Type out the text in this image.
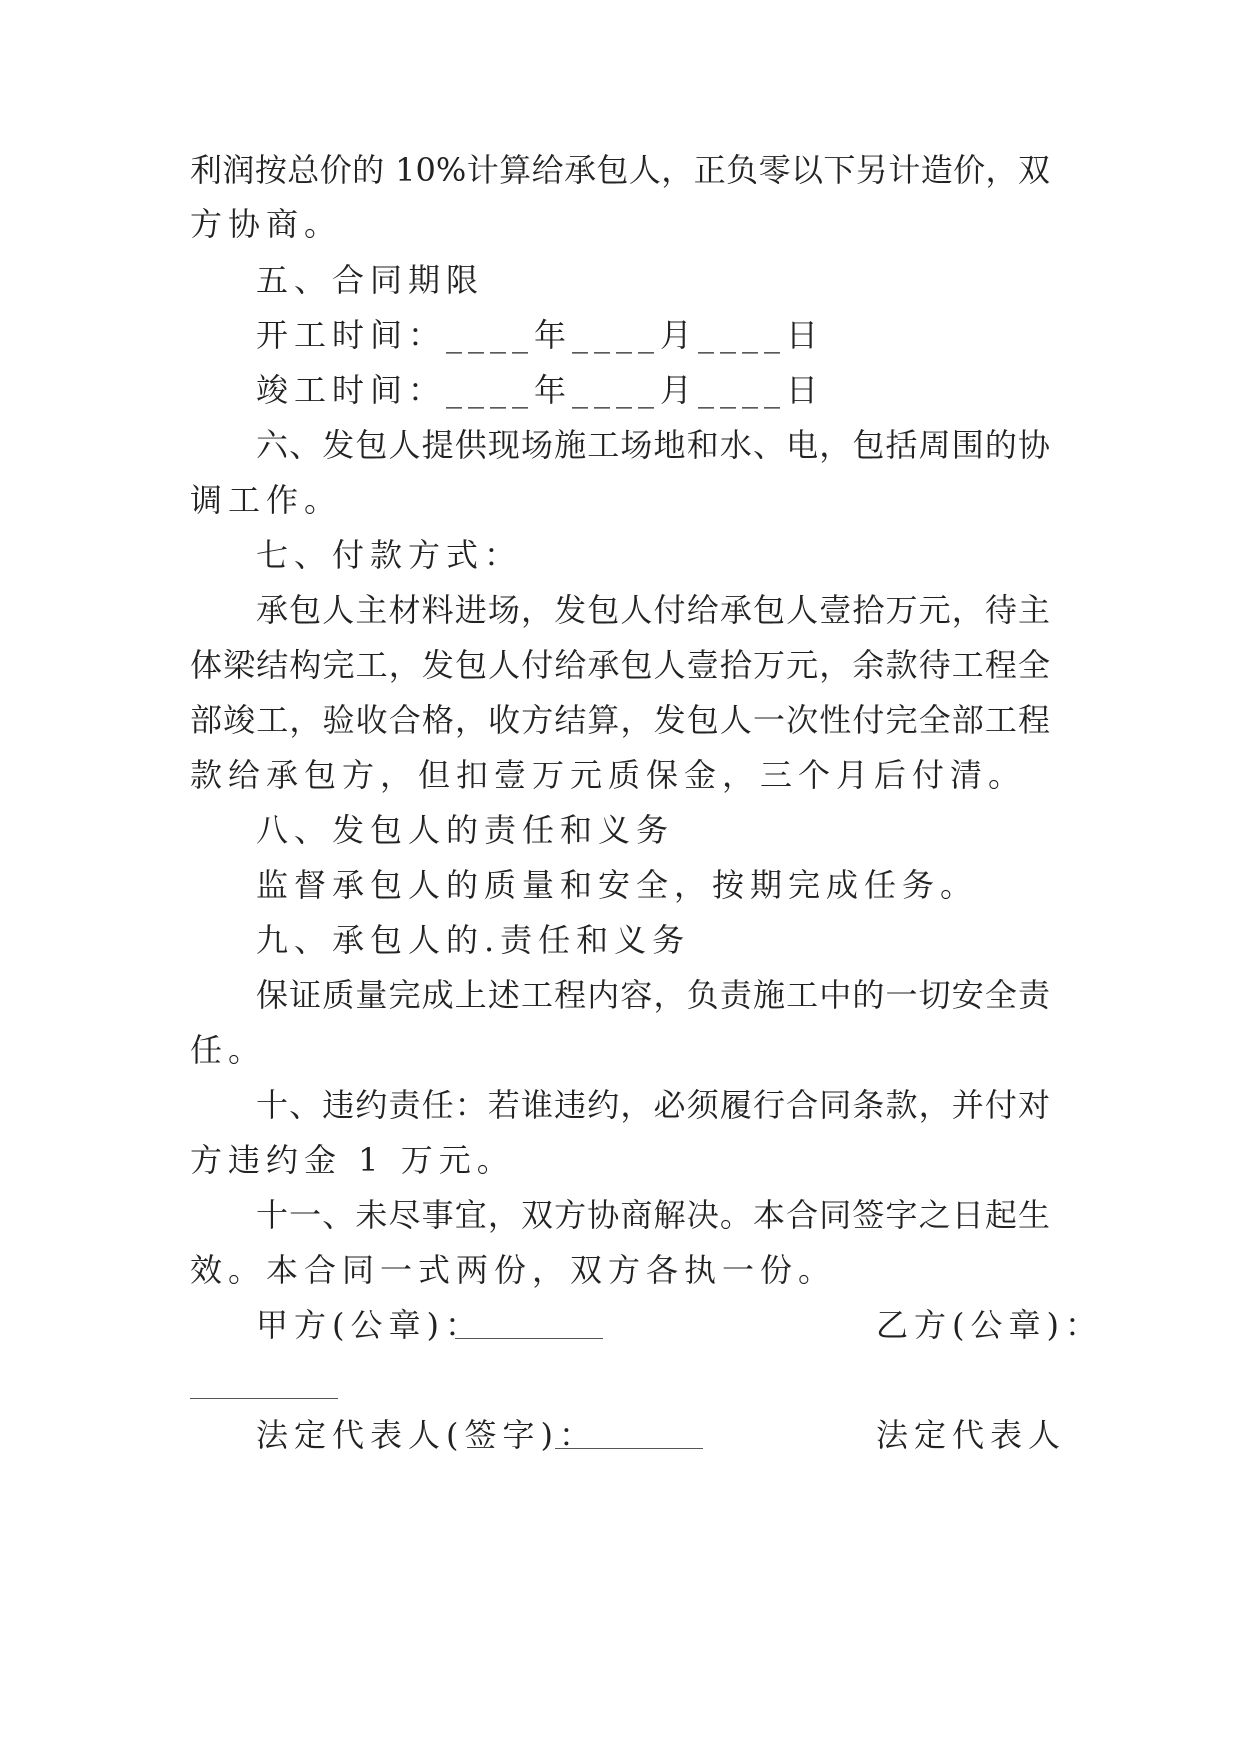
利润按总价的 10%计算给承包人，正负零以下另计造价，双
方协商。
五、合同期限
开工时间：____年____月____日
竣工时间：____年____月____日
六、发包人提供现场施工场地和水、电，包括周围的协
调工作。
七、付款方式：
承包人主材料进场，发包人付给承包人壹拾万元，待主
体梁结构完工，发包人付给承包人壹拾万元，余款待工程全
部竣工，验收合格，收方结算，发包人一次性付完全部工程
款给承包方，但扣壹万元质保金，三个月后付清。
八、发包人的责任和义务
监督承包人的质量和安全，按期完成任务。
九、承包人的.责任和义务
保证质量完成上述工程内容，负责施工中的一切安全责
任。
十、违约责任：若谁违约，必须履行合同条款，并付对
方违约金 1 万元。
十一、未尽事宜，双方协商解决。本合同签字之日起生
效。本合同一式两份，双方各执一份。
甲方(公章)：	乙方(公章)：
法定代表人(签字)：	法定代表人
